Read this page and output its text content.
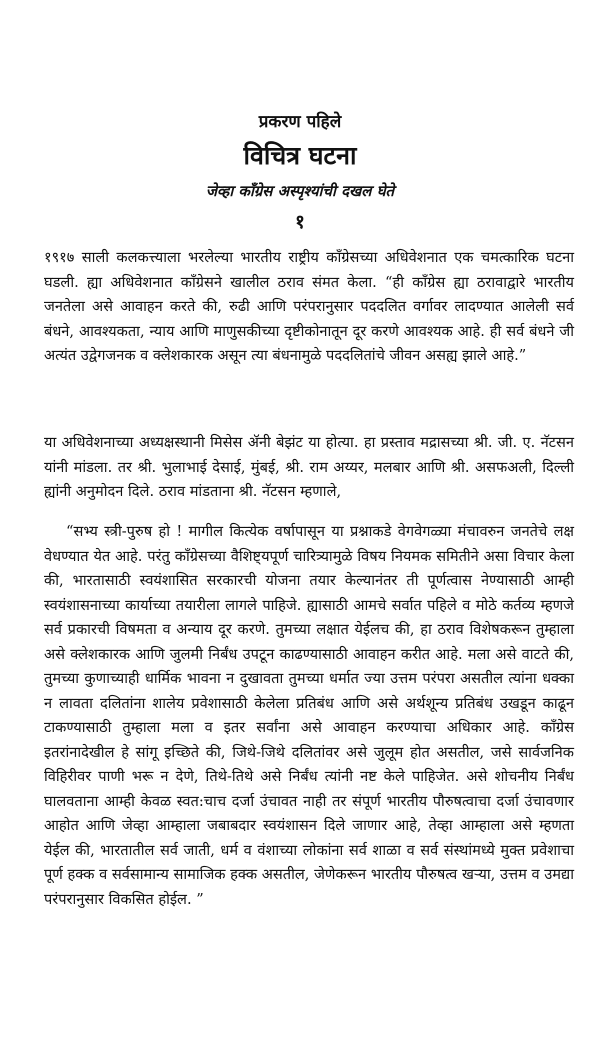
प्रकरण पहिले
विचित्र घटना
जेव्हा कॉंग्रेस अस्पृश्यांची दखल घेते
१

१९१७ साली कलकत्त्याला भरलेल्या भारतीय राष्ट्रीय कॉंग्रेसच्या अधिवेशनात एक चमत्कारिक घटना घडली. ह्या अधिवेशनात कॉंग्रेसने खालील ठराव संमत केला. “ही कॉंग्रेस ह्या ठरावाद्वारे भारतीय जनतेला असे आवाहन करते की, रुढी आणि परंपरानुसार पददलित वर्गावर लादण्यात आलेली सर्व बंधने, आवश्यकता, न्याय आणि माणुसकीच्या दृष्टीकोनातून दूर करणे आवश्यक आहे. ही सर्व बंधने जी अत्यंत उद्वेगजनक व क्लेशकारक असून त्या बंधनामुळे पददलितांचे जीवन असह्य झाले आहे.”

या अधिवेशनाच्या अध्यक्षस्थानी मिसेस ॲनी बेझंट या होत्या. हा प्रस्ताव मद्रासच्या श्री. जी. ए. नॅटसन यांनी मांडला. तर श्री. भुलाभाई देसाई, मुंबई, श्री. राम अय्यर, मलबार आणि श्री. असफअली, दिल्ली ह्यांनी अनुमोदन दिले. ठराव मांडताना श्री. नॅटसन म्हणाले,

“सभ्य स्त्री-पुरुष हो ! मागील कित्येक वर्षापासून या प्रश्नाकडे वेगवेगळ्या मंचावरुन जनतेचे लक्ष वेधण्यात येत आहे. परंतु कॉंग्रेसच्या वैशिष्ट्यपूर्ण चारित्र्यामुळे विषय नियमक समितीने असा विचार केला की, भारतासाठी स्वयंशासित सरकारची योजना तयार केल्यानंतर ती पूर्णत्वास नेण्यासाठी आम्ही स्वयंशासनाच्या कार्याच्या तयारीला लागले पाहिजे. ह्यासाठी आमचे सर्वात पहिले व मोठे कर्तव्य म्हणजे सर्व प्रकारची विषमता व अन्याय दूर करणे. तुमच्या लक्षात येईलच की, हा ठराव विशेषकरून तुम्हाला असे क्लेशकारक आणि जुलमी निर्बंध उपटून काढण्यासाठी आवाहन करीत आहे. मला असे वाटते की, तुमच्या कुणाच्याही धार्मिक भावना न दुखावता तुमच्या धर्मात ज्या उत्तम परंपरा असतील त्यांना धक्का न लावता दलितांना शालेय प्रवेशासाठी केलेला प्रतिबंध आणि असे अर्थशून्य प्रतिबंध उखडून काढून टाकण्यासाठी तुम्हाला मला व इतर सर्वांना असे आवाहन करण्याचा अधिकार आहे. कॉंग्रेस इतरांनादेखील हे सांगू इच्छिते की, जिथे-जिथे दलितांवर असे जुलूम होत असतील, जसे सार्वजनिक विहिरीवर पाणी भरू न देणे, तिथे-तिथे असे निर्बंध त्यांनी नष्ट केले पाहिजेत. असे शोचनीय निर्बंध घालवताना आम्ही केवळ स्वत:चाच दर्जा उंचावत नाही तर संपूर्ण भारतीय पौरुषत्वाचा दर्जा उंचावणार आहोत आणि जेव्हा आम्हाला जबाबदार स्वयंशासन दिले जाणार आहे, तेव्हा आम्हाला असे म्हणता येईल की, भारतातील सर्व जाती, धर्म व वंशाच्या लोकांना सर्व शाळा व सर्व संस्थांमध्ये मुक्त प्रवेशाचा पूर्ण हक्क व सर्वसामान्य सामाजिक हक्क असतील, जेणेकरून भारतीय पौरुषत्व खऱ्या, उत्तम व उमद्या परंपरानुसार विकसित होईल. ”
